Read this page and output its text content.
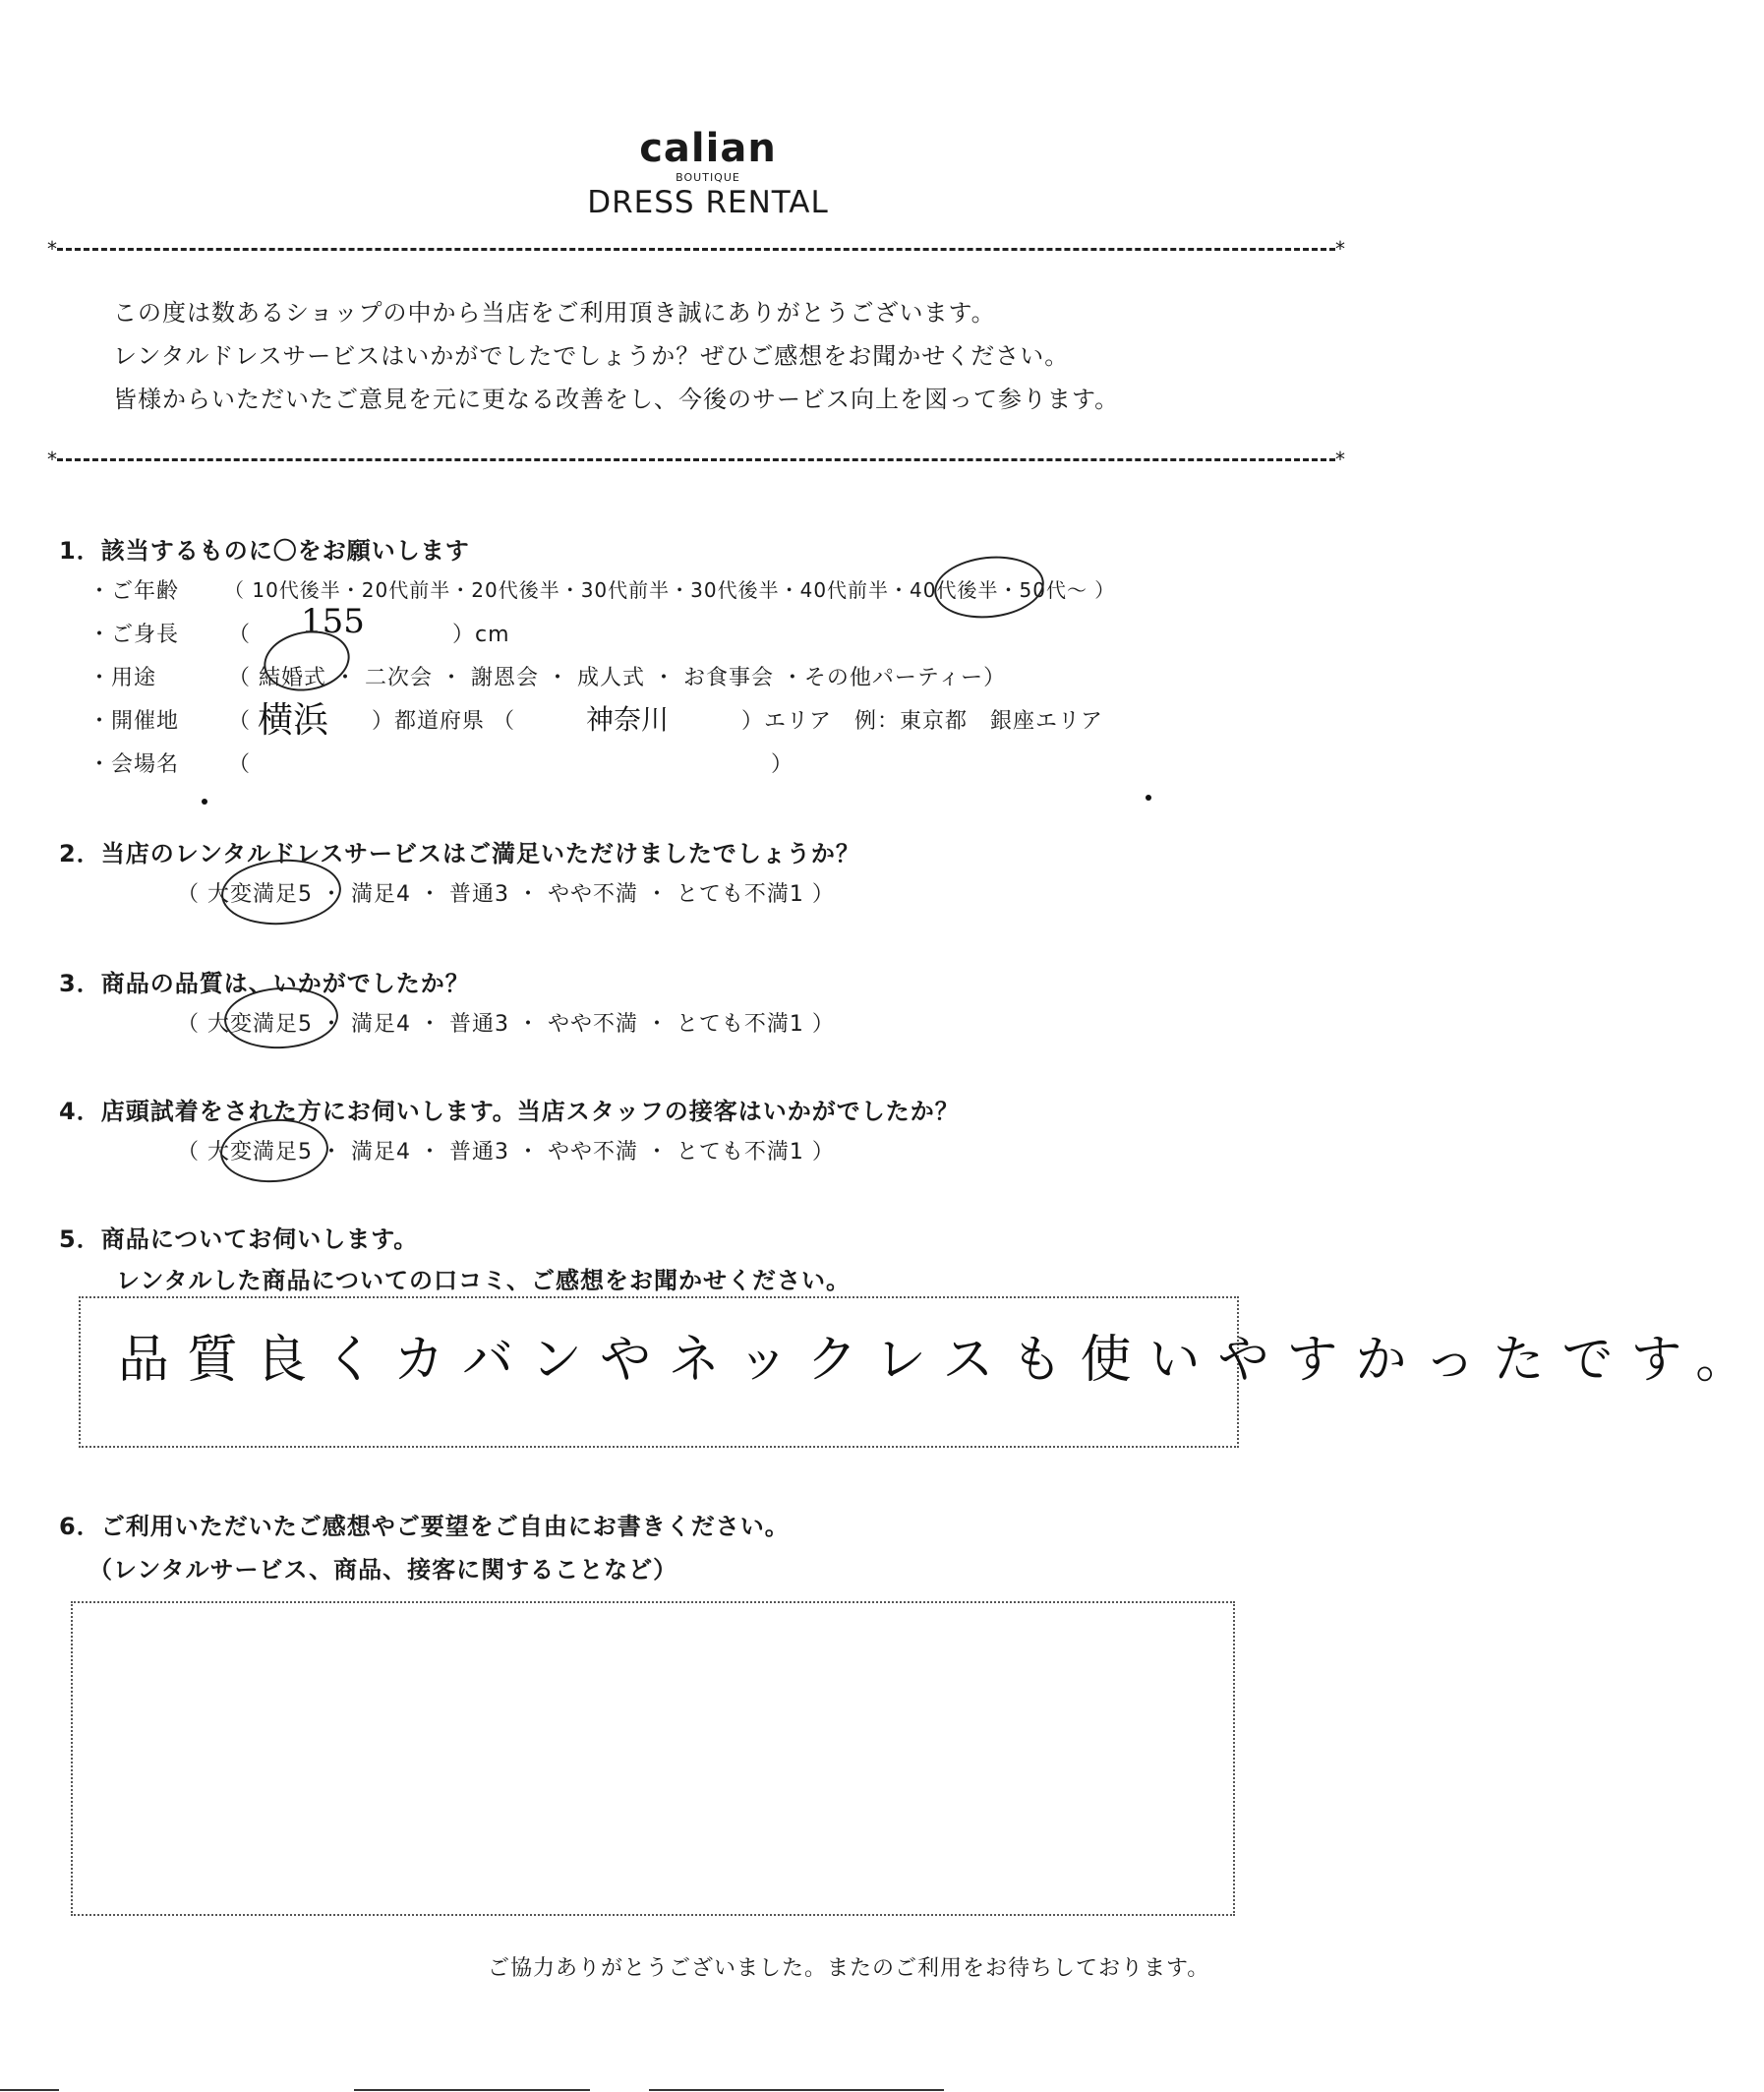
calian
BOUTIQUE
DRESS RENTAL
* *
この度は数あるショップの中から当店をご利用頂き誠にありがとうございます。
レンタルドレスサービスはいかがでしたでしょうか？ぜひご感想をお聞かせください。
皆様からいただいたご意見を元に更なる改善をし、今後のサービス向上を図って参ります。
* *
1．該当するものに〇をお願いします
・ご年齢 （ 10代後半・20代前半・20代後半・30代前半・30代後半・40代前半・40代後半・50代～ ）
・ご身長 （ 155	）cm
・用途	（ 結婚式 ・ 二次会 ・ 謝恩会 ・ 成人式 ・ お食事会 ・その他パーティー）
・開催地 （ 横浜 ）都道府県 （	神奈川	）エリア　例：東京都　銀座エリア
・会場名 （　　　　　　　　　　　　　　　　　　　　　　　）
2．当店のレンタルドレスサービスはご満足いただけましたでしょうか？
（ 大変満足5 ・ 満足4 ・ 普通3 ・ やや不満 ・ とても不満1 ）
3．商品の品質は、いかがでしたか？
（ 大変満足5 ・ 満足4 ・ 普通3 ・ やや不満 ・ とても不満1 ）
4．店頭試着をされた方にお伺いします。当店スタッフの接客はいかがでしたか？
（ 大変満足5 ・ 満足4 ・ 普通3 ・ やや不満 ・ とても不満1 ）
5．商品についてお伺いします。
レンタルした商品についての口コミ、ご感想をお聞かせください。
品質良くカバンやネックレスも使いやすかったです。
6．ご利用いただいたご感想やご要望をご自由にお書きください。
（レンタルサービス、商品、接客に関することなど）
ご協力ありがとうございました。またのご利用をお待ちしております。
